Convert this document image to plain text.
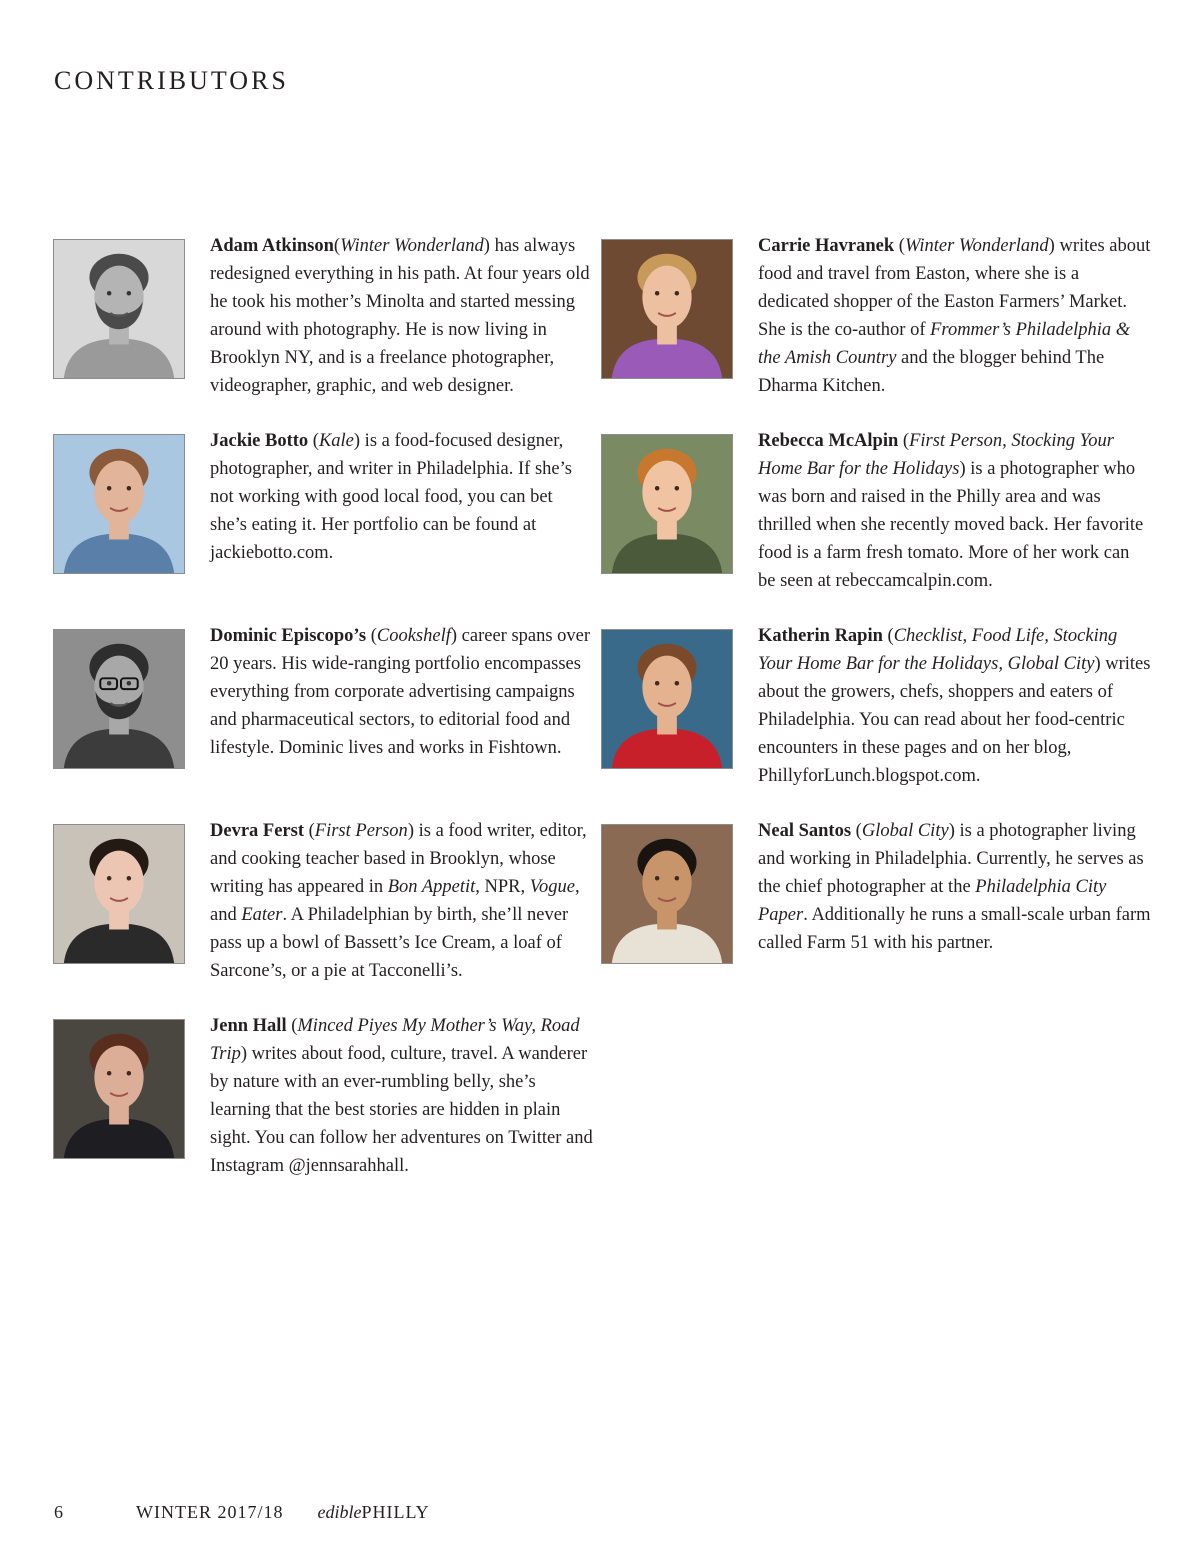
CONTRIBUTORS
Adam Atkinson(Winter Wonderland) has always redesigned everything in his path. At four years old he took his mother’s Minolta and started messing around with photography. He is now living in Brooklyn NY, and is a freelance photographer, videographer, graphic, and web designer.
Jackie Botto (Kale) is a food-focused designer, photographer, and writer in Philadelphia. If she’s not working with good local food, you can bet she’s eating it. Her portfolio can be found at jackiebotto.com.
Dominic Episcopo’s (Cookshelf) career spans over 20 years. His wide-ranging portfolio encompasses everything from corporate advertising campaigns and pharmaceutical sectors, to editorial food and lifestyle. Dominic lives and works in Fishtown.
Devra Ferst (First Person) is a food writer, editor, and cooking teacher based in Brooklyn, whose writing has appeared in Bon Appetit, NPR, Vogue, and Eater. A Philadelphian by birth, she’ll never pass up a bowl of Bassett’s Ice Cream, a loaf of Sarcone’s, or a pie at Tacconelli’s.
Jenn Hall (Minced Piyes My Mother’s Way, Road Trip) writes about food, culture, travel. A wanderer by nature with an ever-rumbling belly, she’s learning that the best stories are hidden in plain sight. You can follow her adventures on Twitter and Instagram @jennsarahhall.
Carrie Havranek (Winter Wonderland) writes about food and travel from Easton, where she is a dedicated shopper of the Easton Farmers’ Market. She is the co-author of Frommer’s Philadelphia & the Amish Country and the blogger behind The Dharma Kitchen.
Rebecca McAlpin (First Person, Stocking Your Home Bar for the Holidays) is a photographer who was born and raised in the Philly area and was thrilled when she recently moved back. Her favorite food is a farm fresh tomato. More of her work can be seen at rebeccamcalpin.com.
Katherin Rapin (Checklist, Food Life, Stocking Your Home Bar for the Holidays, Global City) writes about the growers, chefs, shoppers and eaters of Philadelphia. You can read about her food-centric encounters in these pages and on her blog, PhillyforLunch.blogspot.com.
Neal Santos (Global City) is a photographer living and working in Philadelphia. Currently, he serves as the chief photographer at the Philadelphia City Paper. Additionally he runs a small-scale urban farm called Farm 51 with his partner.
6	WINTER 2017/18 ediblePHILLY
